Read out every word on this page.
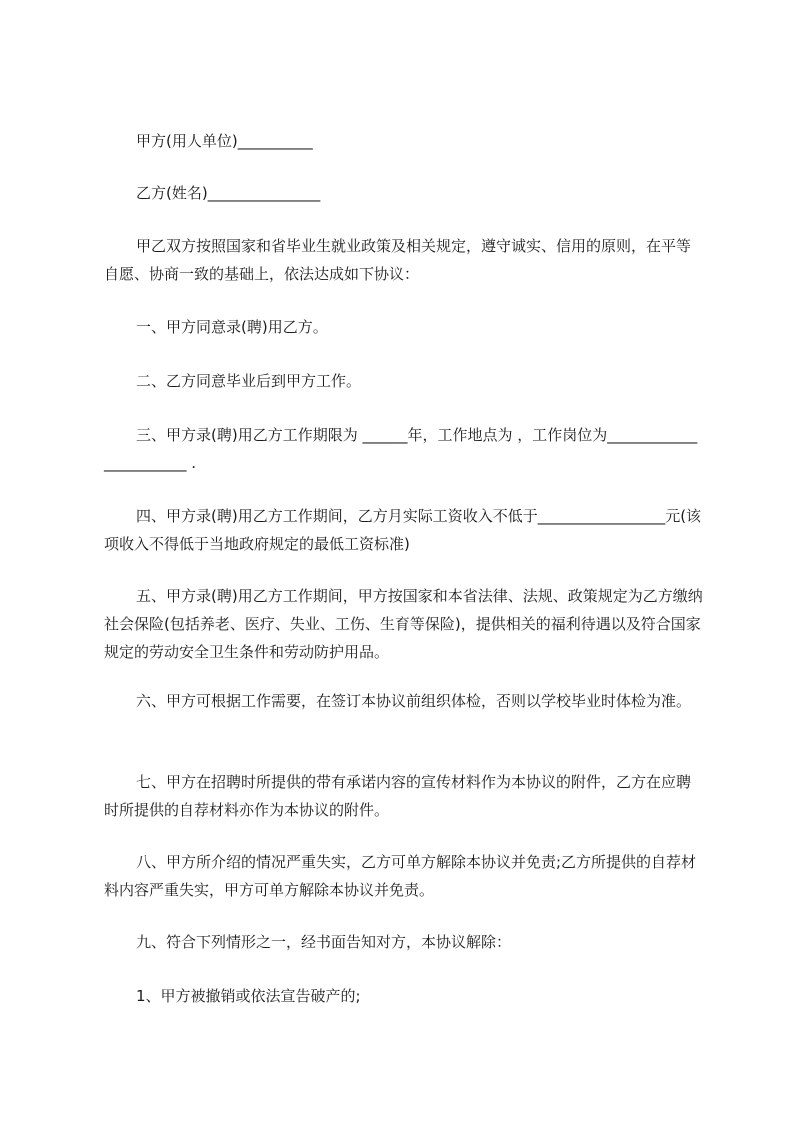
甲方(用人单位)__________

乙方(姓名)_______________

甲乙双方按照国家和省毕业生就业政策及相关规定，遵守诚实、信用的原则，在平等自愿、协商一致的基础上，依法达成如下协议：

一、甲方同意录(聘)用乙方。

二、乙方同意毕业后到甲方工作。

三、甲方录(聘)用乙方工作期限为 ______年，工作地点为 ，工作岗位为_______________________ .

四、甲方录(聘)用乙方工作期间，乙方月实际工资收入不低于_________________元(该项收入不得低于当地政府规定的最低工资标准)

五、甲方录(聘)用乙方工作期间，甲方按国家和本省法律、法规、政策规定为乙方缴纳社会保险(包括养老、医疗、失业、工伤、生育等保险)，提供相关的福利待遇以及符合国家规定的劳动安全卫生条件和劳动防护用品。

六、甲方可根据工作需要，在签订本协议前组织体检，否则以学校毕业时体检为准。

七、甲方在招聘时所提供的带有承诺内容的宣传材料作为本协议的附件，乙方在应聘时所提供的自荐材料亦作为本协议的附件。

八、甲方所介绍的情况严重失实，乙方可单方解除本协议并免责;乙方所提供的自荐材料内容严重失实，甲方可单方解除本协议并免责。

九、符合下列情形之一，经书面告知对方，本协议解除：

1、甲方被撤销或依法宣告破产的;
